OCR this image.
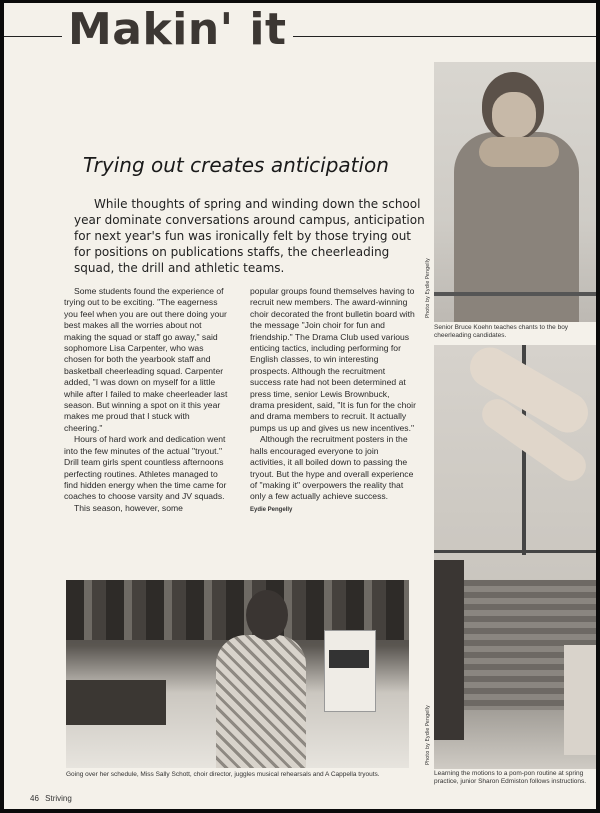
Makin' it
Photo by Eydie Pengelly
Senior Bruce Koehn teaches chants to the boy cheerleading candidates.
Photo by Eydie Pengelly
Learning the motions to a pom-pon routine at spring practice, junior Sharon Edmiston follows instructions.
Trying out creates anticipation
While thoughts of spring and winding down the school year dominate conversations around campus, anticipation for next year's fun was ironically felt by those trying out for positions on publications staffs, the cheerleading squad, the drill and athletic teams.

Some students found the experience of trying out to be exciting. "The eagerness you feel when you are out there doing your best makes all the worries about not making the squad or staff go away," said sophomore Lisa Carpenter, who was chosen for both the yearbook staff and basketball cheerleading squad. Carpenter added, "I was down on myself for a little while after I failed to make cheerleader last season. But winning a spot on it this year makes me proud that I stuck with cheering."

Hours of hard work and dedication went into the few minutes of the actual "tryout." Drill team girls spent countless afternoons perfecting routines. Athletes managed to find hidden energy when the time came for coaches to choose varsity and JV squads.

This season, however, some

popular groups found themselves having to recruit new members. The award-winning choir decorated the front bulletin board with the message "Join choir for fun and friendship." The Drama Club used various enticing tactics, including performing for English classes, to win interesting prospects. Although the recruitment success rate had not been determined at press time, senior Lewis Brownbuck, drama president, said, "It is fun for the choir and drama members to recruit. It actually pumps us up and gives us new incentives."

Although the recruitment posters in the halls encouraged everyone to join activities, it all boiled down to passing the tryout. But the hype and overall experience of "making it" overpowers the reality that only a few actually achieve success.

Eydie Pengelly
Going over her schedule, Miss Sally Schott, choir director, juggles musical rehearsals and A Cappella tryouts.
46 Striving
